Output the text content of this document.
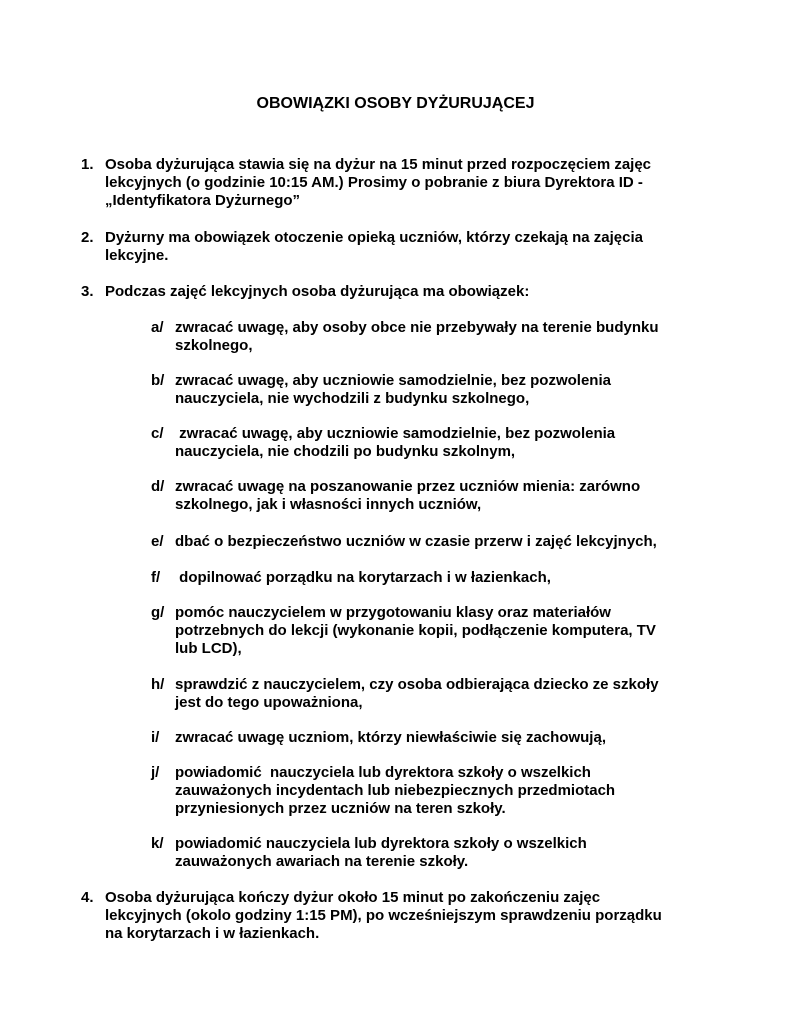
OBOWIĄZKI OSOBY DYŻURUJĄCEJ
1. Osoba dyżurująca stawia się na dyżur na 15 minut przed rozpoczęciem zajęc
lekcyjnych (o godzinie 10:15 AM.) Prosimy o pobranie z biura Dyrektora ID -
„Identyfikatora Dyżurnego”
2. Dyżurny ma obowiązek otoczenie opieką uczniów, którzy czekają na zajęcia
lekcyjne.
3. Podczas zajęć lekcyjnych osoba dyżurująca ma obowiązek:
a/ zwracać uwagę, aby osoby obce nie przebywały na terenie budynku
szkolnego,
b/ zwracać uwagę, aby uczniowie samodzielnie, bez pozwolenia
nauczyciela, nie wychodzili z budynku szkolnego,
c/	zwracać uwagę, aby uczniowie samodzielnie, bez pozwolenia
nauczyciela, nie chodzili po budynku szkolnym,
d/ zwracać uwagę na poszanowanie przez uczniów mienia: zarówno
szkolnego, jak i własności innych uczniów,
e/ dbać o bezpieczeństwo uczniów w czasie przerw i zajęć lekcyjnych,
f/ dopilnować porządku na korytarzach i w łazienkach,
g/ pomóc nauczycielem w przygotowaniu klasy oraz materiałów
potrzebnych do lekcji (wykonanie kopii, podłączenie komputera, TV
lub LCD),
h/ sprawdzić z nauczycielem, czy osoba odbierająca dziecko ze szkoły
jest do tego upoważniona,
i/	zwracać uwagę uczniom, którzy niewłaściwie się zachowują,
j/	powiadomić  nauczyciela lub dyrektora szkoły o wszelkich
zauważonych incydentach lub niebezpiecznych przedmiotach
przyniesionych przez uczniów na teren szkoły.
k/ powiadomić nauczyciela lub dyrektora szkoły o wszelkich
zauważonych awariach na terenie szkoły.
4. Osoba dyżurująca kończy dyżur około 15 minut po zakończeniu zajęc
lekcyjnych (okolo godziny 1:15 PM), po wcześniejszym sprawdzeniu porządku
na korytarzach i w łazienkach.
